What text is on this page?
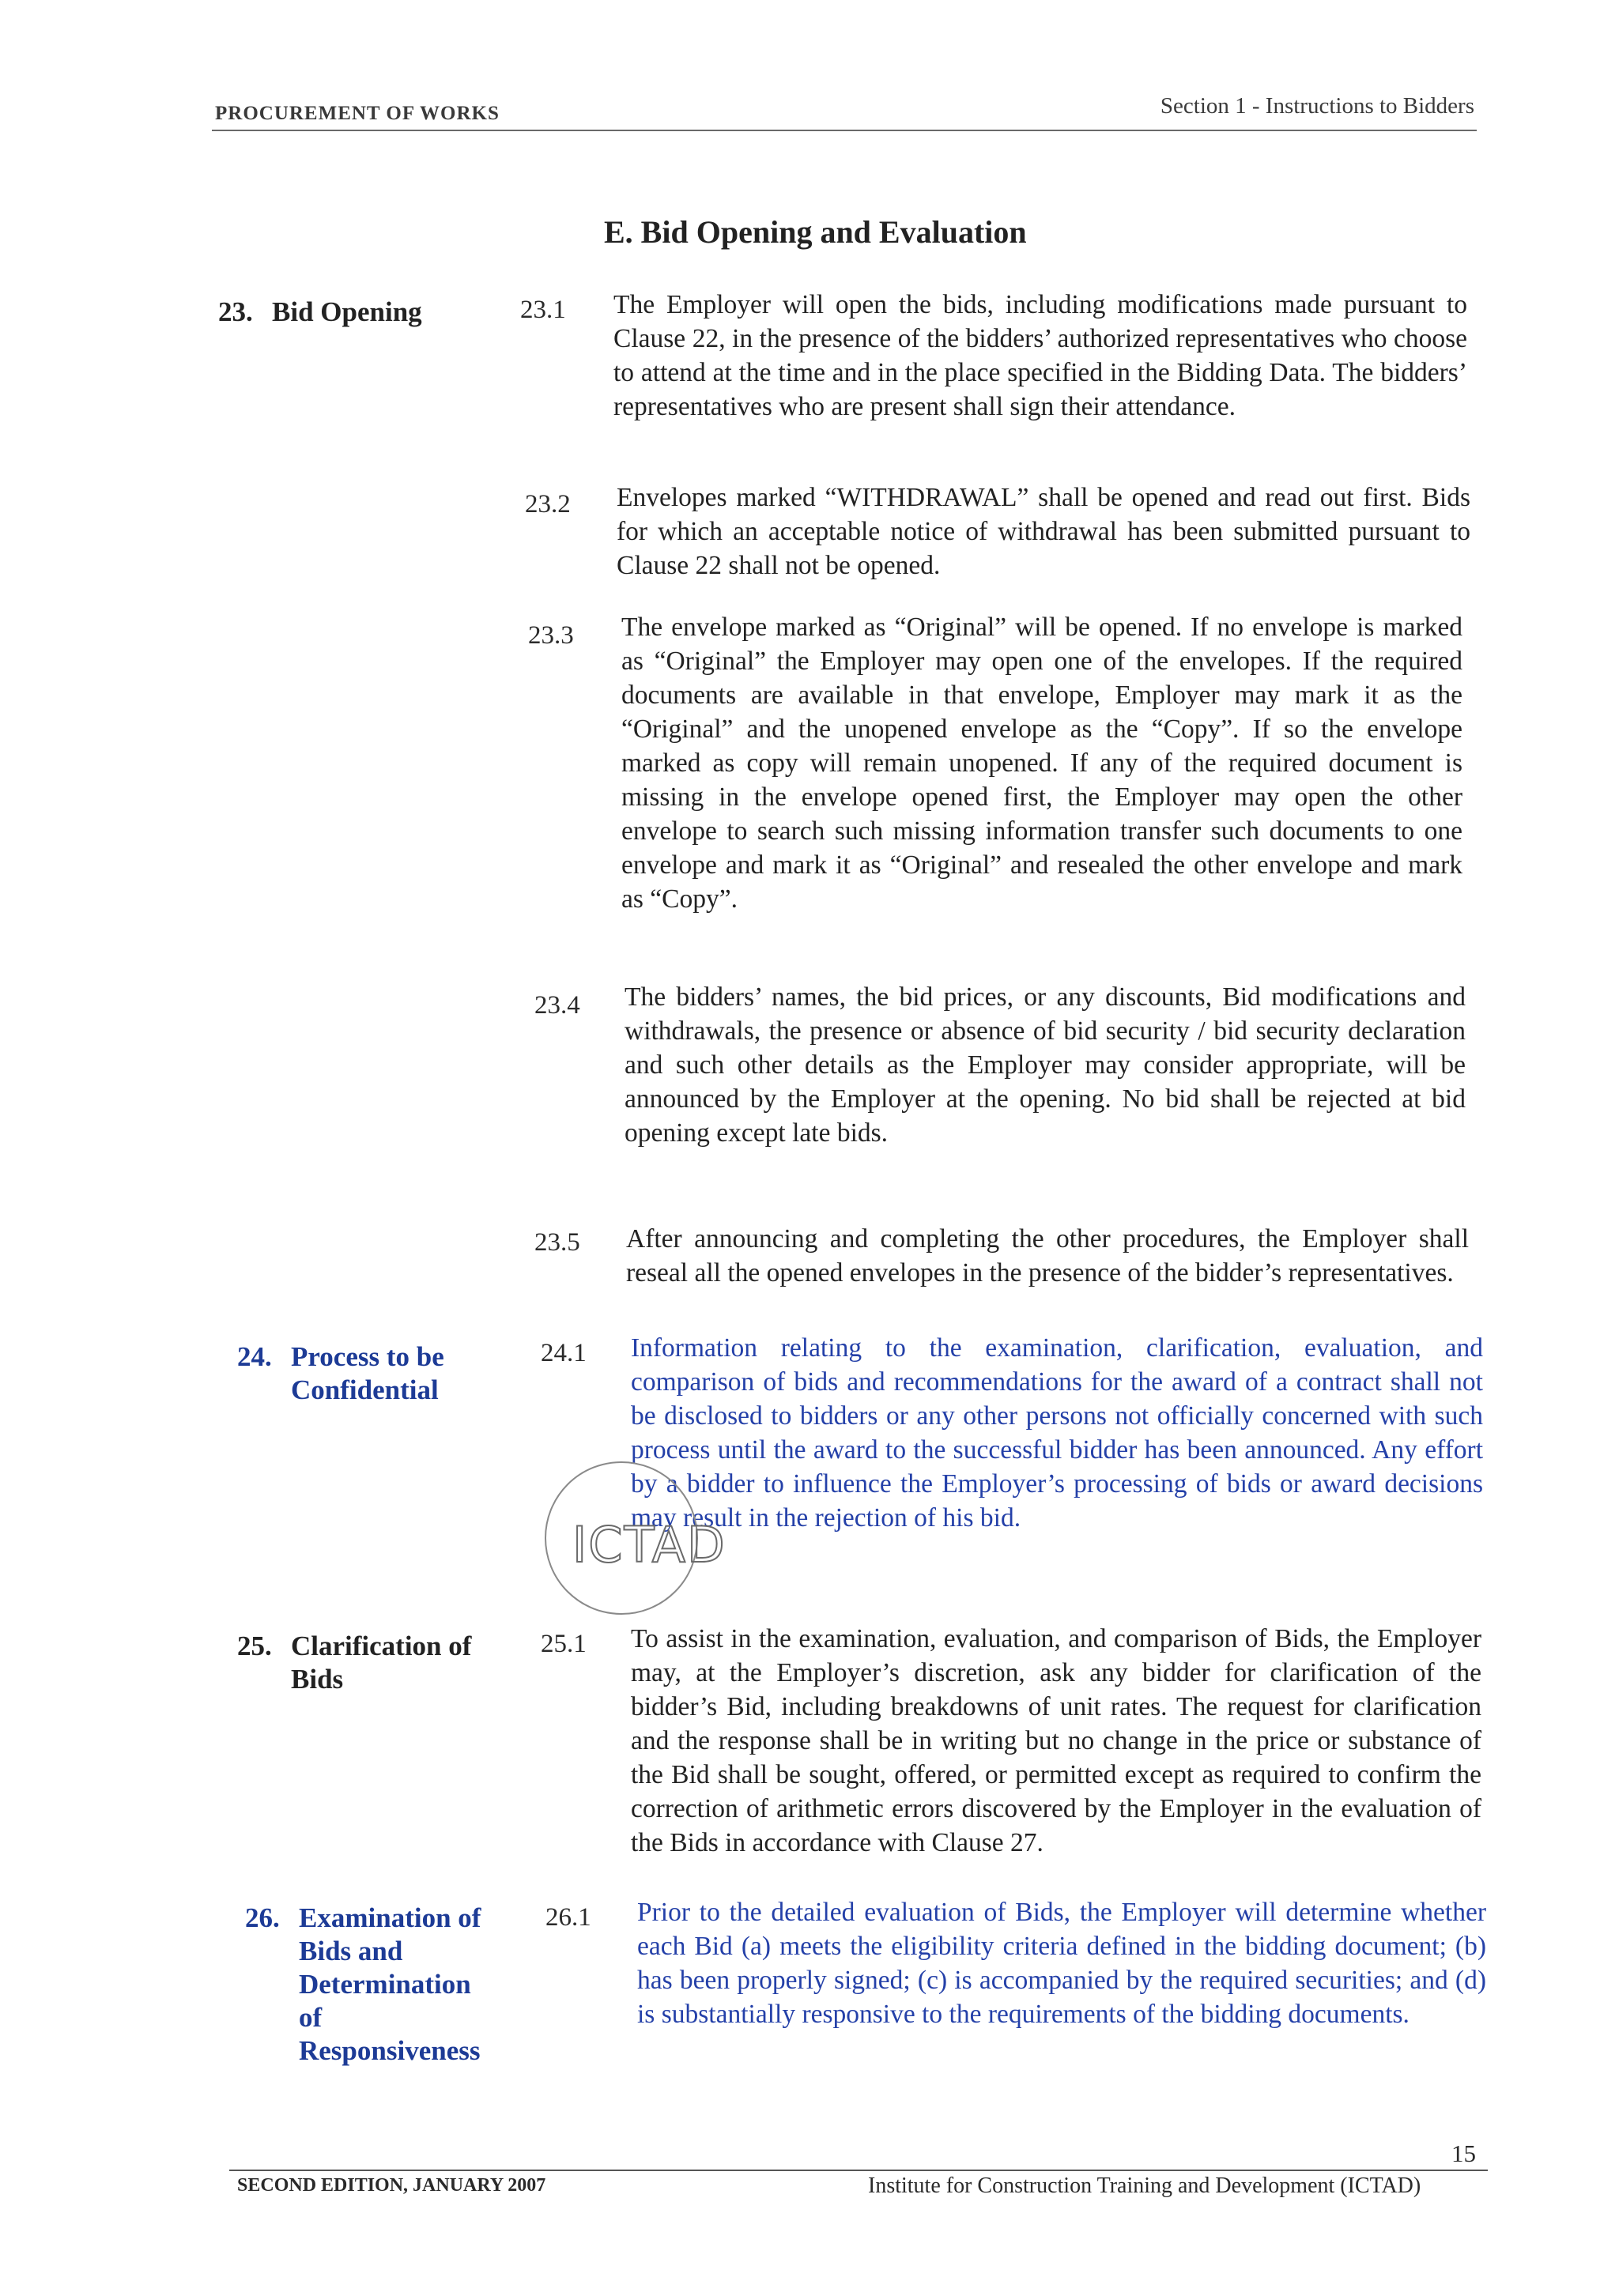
PROCUREMENT OF WORKS	Section 1 - Instructions to Bidders
E. Bid Opening and Evaluation
23. Bid Opening	23.1 The Employer will open the bids, including modifications made pursuant to Clause 22, in the presence of the bidders’ authorized representatives who choose to attend at the time and in the place specified in the Bidding Data. The bidders’ representatives who are present shall sign their attendance.
23.2 Envelopes marked “WITHDRAWAL” shall be opened and read out first. Bids for which an acceptable notice of withdrawal has been submitted pursuant to Clause 22 shall not be opened.
23.3 The envelope marked as “Original” will be opened. If no envelope is marked as “Original” the Employer may open one of the envelopes. If the required documents are available in that envelope, Employer may mark it as the “Original” and the unopened envelope as the “Copy”. If so the envelope marked as copy will remain unopened. If any of the required document is missing in the envelope opened first, the Employer may open the other envelope to search such missing information transfer such documents to one envelope and mark it as “Original” and resealed the other envelope and mark as “Copy”.
23.4 The bidders’ names, the bid prices, or any discounts, Bid modifications and withdrawals, the presence or absence of bid security / bid security declaration and such other details as the Employer may consider appropriate, will be announced by the Employer at the opening. No bid shall be rejected at bid opening except late bids.
23.5 After announcing and completing the other procedures, the Employer shall reseal all the opened envelopes in the presence of the bidder’s representatives.
24. Process to be
Confidential
24.1 Information relating to the examination, clarification, evaluation, and comparison of bids and recommendations for the award of a contract shall not be disclosed to bidders or any other persons not officially concerned with such process until the award to the successful bidder has been announced. Any effort by a bidder to influence the Employer’s processing of bids or award decisions may result in the rejection of his bid.
ICTAD
25. Clarification of
Bids
25.1 To assist in the examination, evaluation, and comparison of Bids, the Employer may, at the Employer’s discretion, ask any bidder for clarification of the bidder’s Bid, including breakdowns of unit rates. The request for clarification and the response shall be in writing but no change in the price or substance of the Bid shall be sought, offered, or permitted except as required to confirm the correction of arithmetic errors discovered by the Employer in the evaluation of the Bids in accordance with Clause 27.
26. Examination of
Bids and
Determination
of
Responsiveness
26.1 Prior to the detailed evaluation of Bids, the Employer will determine whether each Bid (a) meets the eligibility criteria defined in the bidding document; (b) has been properly signed; (c) is accompanied by the required securities; and (d) is substantially responsive to the requirements of the bidding documents.
15
SECOND EDITION, JANUARY 2007	Institute for Construction Training and Development (ICTAD)
